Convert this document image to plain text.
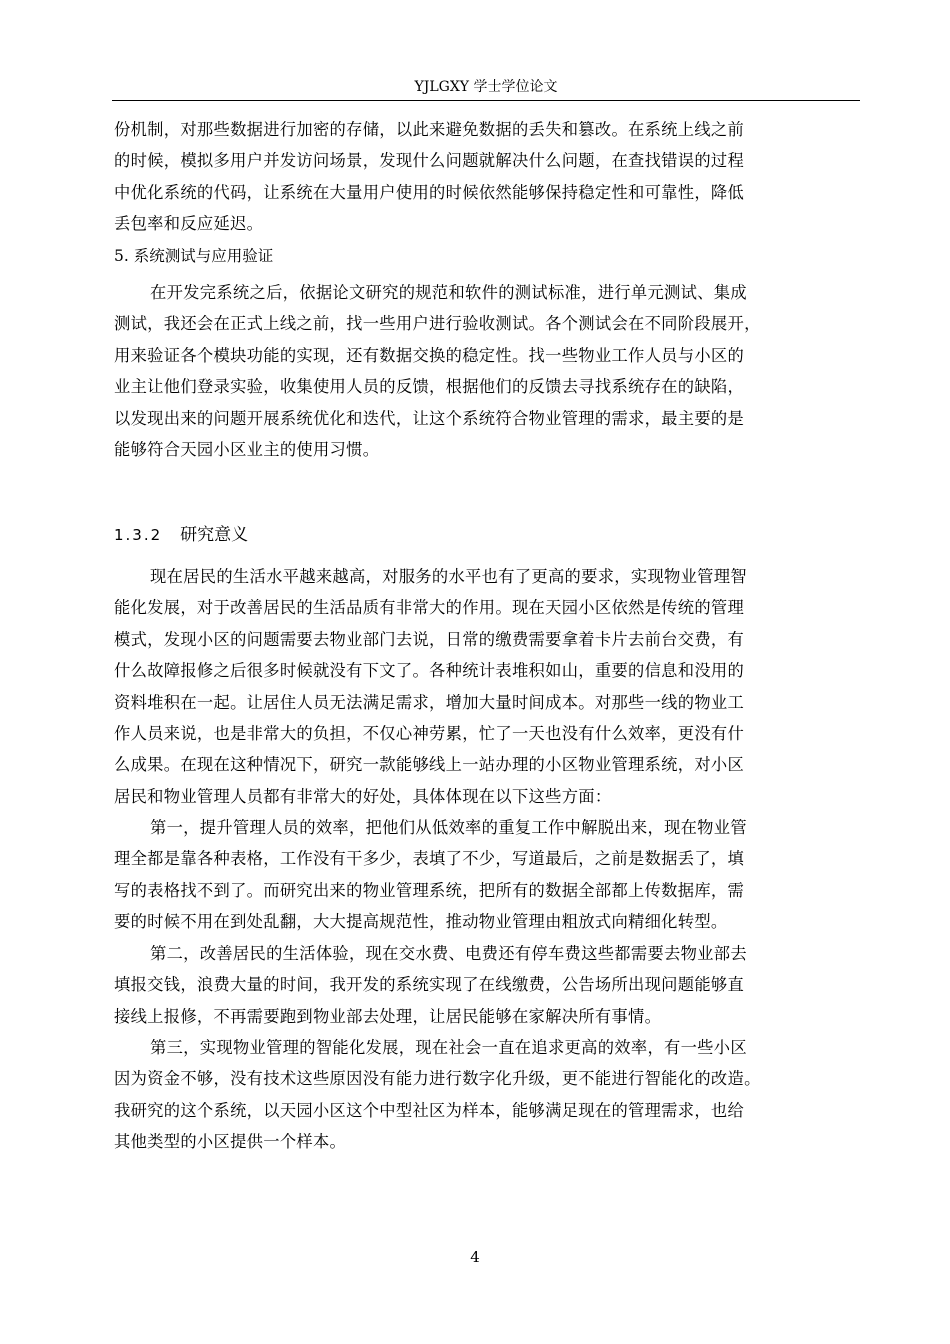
YJLGXY 学士学位论文
份机制，对那些数据进行加密的存储，以此来避免数据的丢失和篡改。在系统上线之前
的时候，模拟多用户并发访问场景，发现什么问题就解决什么问题，在查找错误的过程
中优化系统的代码，让系统在大量用户使用的时候依然能够保持稳定性和可靠性，降低
丢包率和反应延迟。
5. 系统测试与应用验证
在开发完系统之后，依据论文研究的规范和软件的测试标准，进行单元测试、集成
测试，我还会在正式上线之前，找一些用户进行验收测试。各个测试会在不同阶段展开，
用来验证各个模块功能的实现，还有数据交换的稳定性。找一些物业工作人员与小区的
业主让他们登录实验，收集使用人员的反馈，根据他们的反馈去寻找系统存在的缺陷，
以发现出来的问题开展系统优化和迭代，让这个系统符合物业管理的需求，最主要的是
能够符合天园小区业主的使用习惯。
1.3.2 研究意义
现在居民的生活水平越来越高，对服务的水平也有了更高的要求，实现物业管理智
能化发展，对于改善居民的生活品质有非常大的作用。现在天园小区依然是传统的管理
模式，发现小区的问题需要去物业部门去说，日常的缴费需要拿着卡片去前台交费，有
什么故障报修之后很多时候就没有下文了。各种统计表堆积如山，重要的信息和没用的
资料堆积在一起。让居住人员无法满足需求，增加大量时间成本。对那些一线的物业工
作人员来说，也是非常大的负担，不仅心神劳累，忙了一天也没有什么效率，更没有什
么成果。在现在这种情况下，研究一款能够线上一站办理的小区物业管理系统，对小区
居民和物业管理人员都有非常大的好处，具体体现在以下这些方面：
第一，提升管理人员的效率，把他们从低效率的重复工作中解脱出来，现在物业管
理全都是靠各种表格，工作没有干多少，表填了不少，写道最后，之前是数据丢了，填
写的表格找不到了。而研究出来的物业管理系统，把所有的数据全部都上传数据库，需
要的时候不用在到处乱翻，大大提高规范性，推动物业管理由粗放式向精细化转型。
第二，改善居民的生活体验，现在交水费、电费还有停车费这些都需要去物业部去
填报交钱，浪费大量的时间，我开发的系统实现了在线缴费，公告场所出现问题能够直
接线上报修，不再需要跑到物业部去处理，让居民能够在家解决所有事情。
第三，实现物业管理的智能化发展，现在社会一直在追求更高的效率，有一些小区
因为资金不够，没有技术这些原因没有能力进行数字化升级，更不能进行智能化的改造。
我研究的这个系统，以天园小区这个中型社区为样本，能够满足现在的管理需求，也给
其他类型的小区提供一个样本。
4
